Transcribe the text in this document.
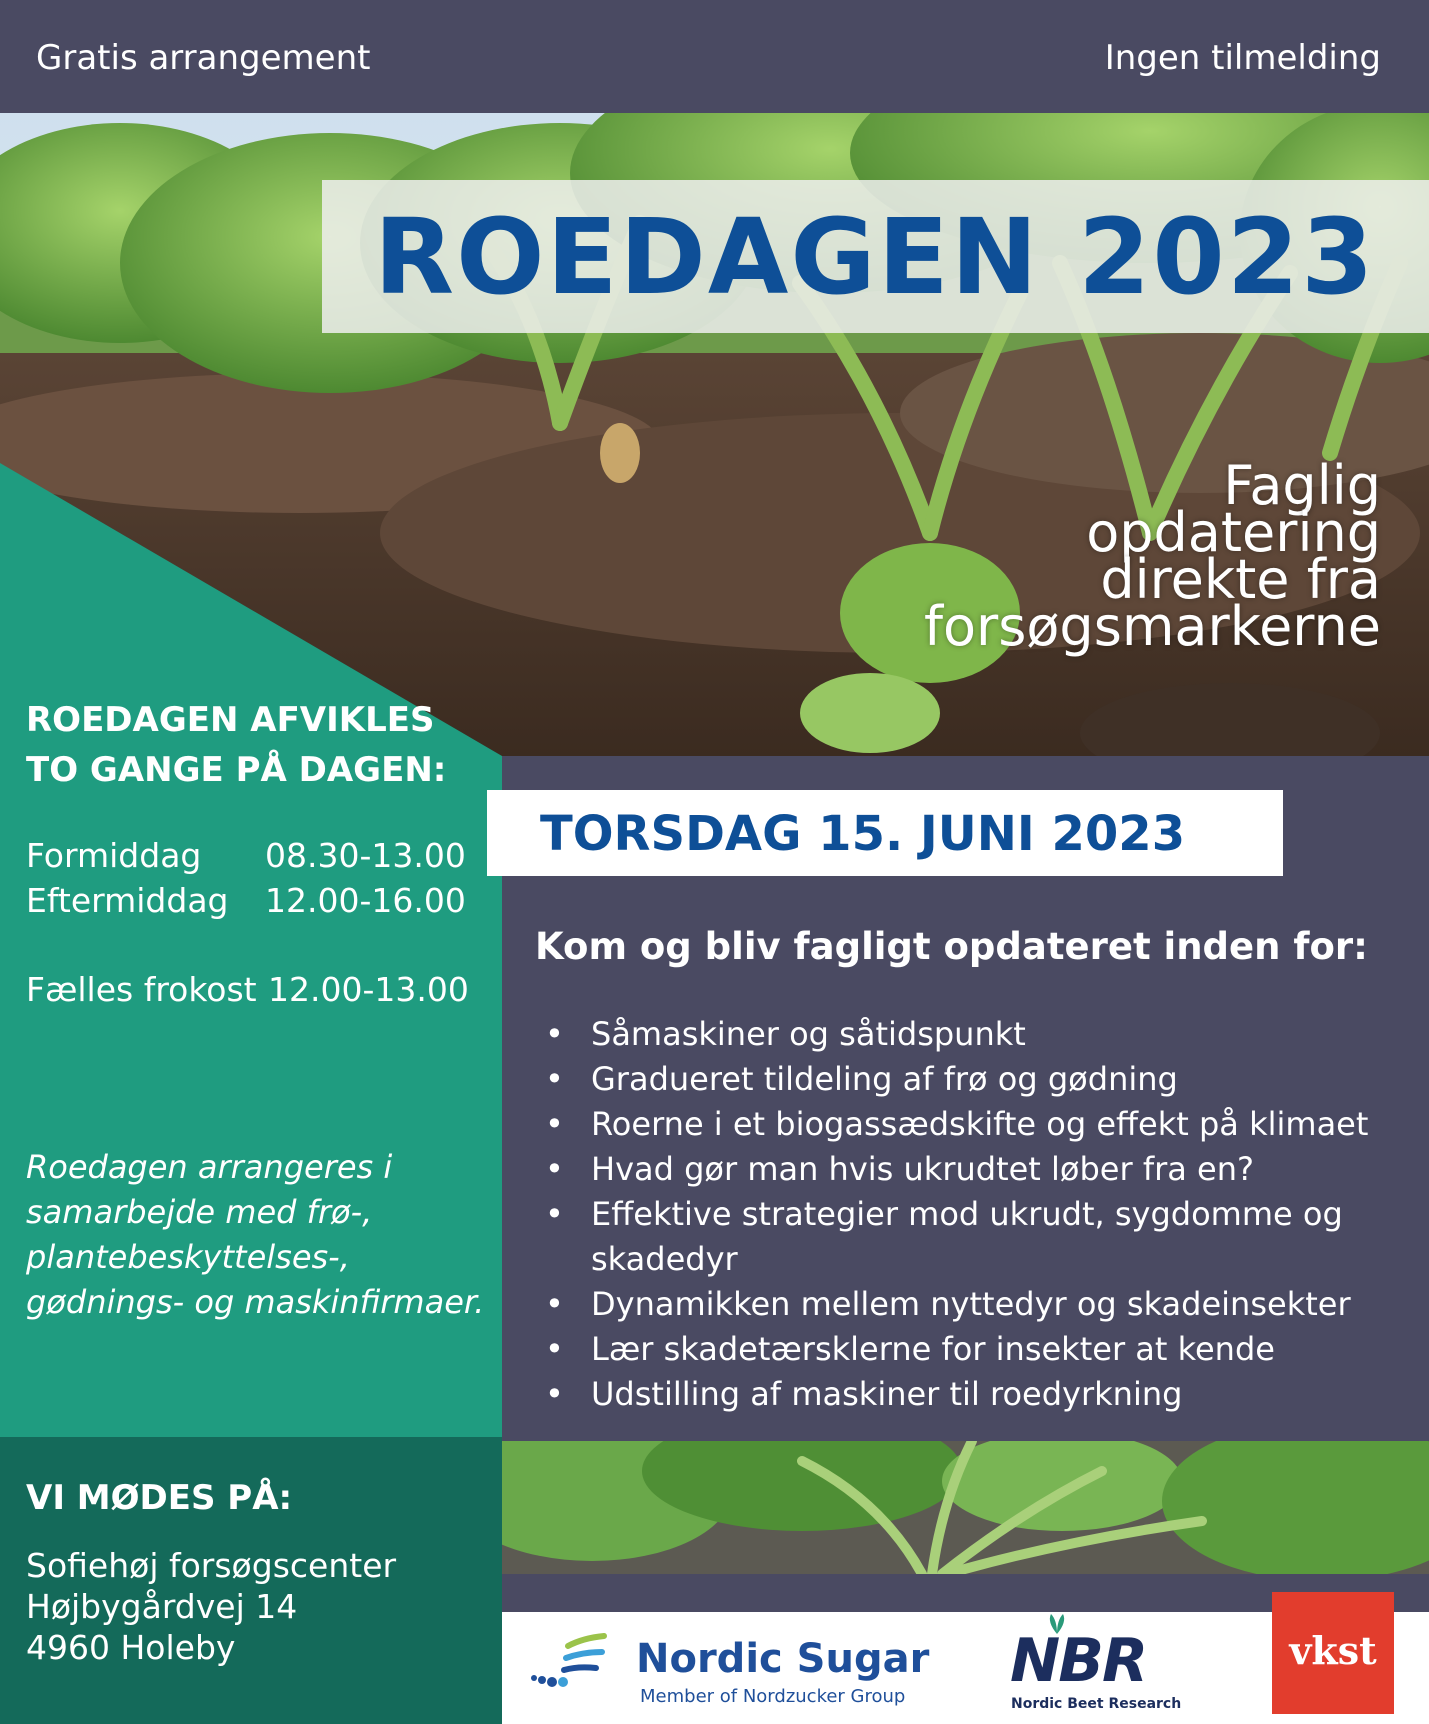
Gratis arrangement	Ingen tilmelding
ROEDAGEN 2023
Faglig
opdatering
direkte fra
forsøgsmarkerne
ROEDAGEN AFVIKLES
TO GANGE PÅ DAGEN:
Formiddag 08.30-13.00
Eftermiddag 12.00-16.00
Fælles frokost 12.00-13.00
Roedagen arrangeres i
samarbejde med frø-,
plantebeskyttelses-,
gødnings- og maskinfirmaer.
TORSDAG 15. JUNI 2023
Kom og bliv fagligt opdateret inden for:
• Såmaskiner og såtidspunkt
• Gradueret tildeling af frø og gødning
• Roerne i et biogassædskifte og effekt på klimaet
• Hvad gør man hvis ukrudtet løber fra en?
• Effektive strategier mod ukrudt, sygdomme og skadedyr
• Dynamikken mellem nyttedyr og skadeinsekter
• Lær skadetærsklerne for insekter at kende
• Udstilling af maskiner til roedyrkning
VI MØDES PÅ:
Sofiehøj forsøgscenter
Højbygårdvej 14
4960 Holeby	Nordic Sugar
Member of Nordzucker Group
NBR
Nordic Beet Research
vkst
